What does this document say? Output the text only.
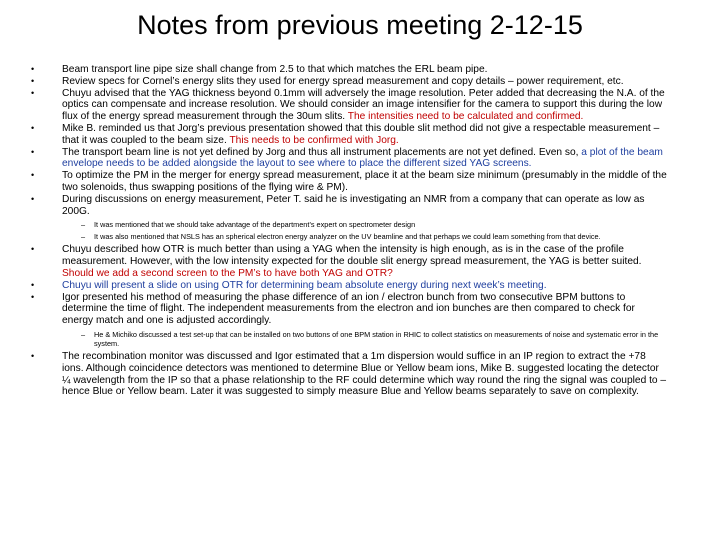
Notes from previous meeting 2-12-15
•	Beam transport line pipe size shall change from 2.5 to that which matches the ERL beam pipe.
•	Review specs for Cornel’s energy slits they used for energy spread measurement and copy details – power requirement, etc.
•	Chuyu advised that the YAG thickness beyond 0.1mm will adversely the image resolution. Peter added that decreasing the N.A. of the optics can compensate and increase resolution. We should consider an image intensifier for the camera to support this during the low flux of the energy spread measurement through the 30um slits. The intensities need to be calculated and confirmed.
•	Mike B. reminded us that Jorg’s previous presentation showed that this double slit method did not give a respectable measurement – that it was coupled to the beam size. This needs to be confirmed with Jorg.
•	The transport beam line is not yet defined by Jorg and thus all instrument placements are not yet defined. Even so, a plot of the beam envelope needs to be added alongside the layout to see where to place the different sized YAG screens.
•	To optimize the PM in the merger for energy spread measurement, place it at the beam size minimum (presumably in the middle of the two solenoids, thus swapping positions of the flying wire & PM).
•	During discussions on energy measurement, Peter T. said he is investigating an NMR from a company that can operate as low as 200G.
–	It was mentioned that we should take advantage of the department’s expert on spectrometer design
–	It was also mentioned that NSLS has an spherical electron energy analyzer on the UV beamline and that perhaps we could learn something from that device.
•	Chuyu described how OTR is much better than using a YAG when the intensity is high enough, as is in the case of the profile measurement. However, with the low intensity expected for the double slit energy spread measurement, the YAG is better suited. Should we add a second screen to the PM’s to have both YAG and OTR?
•	Chuyu will present a slide on using OTR for determining beam absolute energy during next week’s meeting.
•	Igor presented his method of measuring the phase difference of an ion / electron bunch from two consecutive BPM buttons to determine the time of flight. The independent measurements from the electron and ion bunches are then compared to check for energy match and one is adjusted accordingly.
–	He & Michiko discussed a test set-up that can be installed on two buttons of one BPM station in RHIC to collect statistics on measurements of noise and systematic error in the system.
•	The recombination monitor was discussed and Igor estimated that a 1m dispersion would suffice in an IP region to extract the +78 ions. Although coincidence detectors was mentioned to determine Blue or Yellow beam ions, Mike B. suggested locating the detector ¼ wavelength from the IP so that a phase relationship to the RF could determine which way round the ring the signal was coupled to – hence Blue or Yellow beam. Later it was suggested to simply measure Blue and Yellow beams separately to save on complexity.
